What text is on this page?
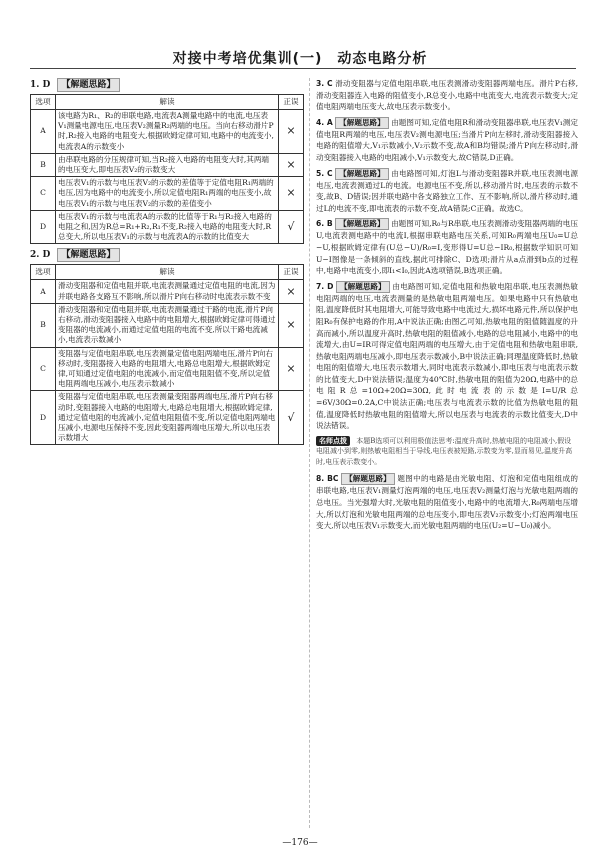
对接中考培优集训(一)　动态电路分析
1. D 【解题思路】
选项	解读	正误
A	该电路为R₁、R₂的串联电路,电流表A测量电路中的电流,电压表V₁测量电源电压,电压表V₂测量R₂两端的电压。当向右移动滑片P时,R₂接入电路的电阻变大,根据欧姆定律可知,电路中的电流变小,电流表A的示数变小	×
B	由串联电路的分压规律可知,当R₂接入电路的电阻变大时,其两端的电压变大,即电压表V₂的示数变大	×
C	电压表V₁的示数与电压表V₂的示数的差值等于定值电阻R₁两端的电压,因为电路中的电流变小,所以定值电阻R₁两端的电压变小,故电压表V₁的示数与电压表V₂的示数的差值变小	×
D	电压表V₁的示数与电流表A的示数的比值等于R₁与R₂接入电路的电阻之和,因为R总=R₁+R₂,R₁不变,R₂接入电路的电阻变大时,R总变大,所以电压表V₁的示数与电流表A的示数的比值变大	√
2. D 【解题思路】
选项	解读	正误
A	滑动变阻器和定值电阻并联,电流表测量通过定值电阻的电流,因为并联电路各支路互不影响,所以滑片P向右移动时电流表示数不变	×
B	滑动变阻器和定值电阻并联,电流表测量通过干路的电流,滑片P向右移动,滑动变阻器接入电路中的电阻增大,根据欧姆定律可得通过变阻器的电流减小,而通过定值电阻的电流不变,所以干路电流减小,电流表示数减小	×
C	变阻器与定值电阻串联,电压表测量定值电阻两端电压,滑片P向右移动时,变阻器接入电路的电阻增大,电路总电阻增大,根据欧姆定律,可知通过定值电阻的电流减小,而定值电阻阻值不变,所以定值电阻两端电压减小,电压表示数减小	×
D	变阻器与定值电阻串联,电压表测量变阻器两端电压,滑片P向右移动时,变阻器接入电路的电阻增大,电路总电阻增大,根据欧姆定律,通过定值电阻的电流减小,定值电阻阻值不变,所以定值电阻两端电压减小,电源电压保持不变,因此变阻器两端电压增大,所以电压表示数增大	√

3. C 滑动变阻器与定值电阻串联,电压表测滑动变阻器两端电压。滑片P右移,滑动变阻器连入电路的阻值变小,R总变小,电路中电流变大,电流表示数变大;定值电阻两端电压变大,故电压表示数变小。

4. A 【解题思路】 由题图可知,定值电阻R和滑动变阻器串联,电压表V₁测定值电阻R两端的电压,电压表V₂测电源电压;当滑片P向左移时,滑动变阻器接入电路的阻值增大,V₁示数减小,V₂示数不变,故A和B均错误;滑片P向左移动时,滑动变阻器接入电路的电阻减小,V₁示数变大,故C错误,D正确。

5. C 【解题思路】 由电路图可知,灯泡L与滑动变阻器R并联,电压表测电源电压,电流表测通过L的电流。电源电压不变,所以,移动滑片时,电压表的示数不变,故B、D错误;因并联电路中各支路独立工作、互不影响,所以,滑片移动时,通过L的电流不变,即电流表的示数不变,故A错误;C正确。故选C。

6. B 【解题思路】 由题图可知,R₀与R串联,电压表测滑动变阻器两端的电压U,电流表测电路中的电流I,根据串联电路电压关系,可知R₀两端电压U₀=U总−U,根据欧姆定律有(U总−U)/R₀=I,变形得U=U总−IR₀,根据数学知识可知U−I图像是一条倾斜的直线,据此可排除C、D选项;滑片从a点滑到b点的过程中,电路中电流变小,即I₁<I₀,因此A选项错误,B选项正确。

7. D 【解题思路】 由电路图可知,定值电阻和热敏电阻串联,电压表测热敏电阻两端的电压,电流表测量的是热敏电阻两端电压。如果电路中只有热敏电阻,温度降低时其电阻增大,可能导致电路中电流过大,损坏电路元件,所以保护电阻R₀有保护电路的作用,A中说法正确;由图乙可知,热敏电阻的阻值随温度的升高而减小,所以温度升高时,热敏电阻的阻值减小,电路的总电阻减小,电路中的电流增大,由U=IR可得定值电阻两端的电压增大,由于定值电阻和热敏电阻串联,热敏电阻两端电压减小,即电压表示数减小,B中说法正确;同理温度降低时,热敏电阻的阻值增大,电压表示数增大,同时电流表示数减小,即电压表与电流表示数的比值变大,D中说法错误;温度为40℃时,热敏电阻的阻值为20Ω,电路中的总电阻R总=10Ω+20Ω=30Ω,此时电流表的示数是I=U/R总=6V/30Ω=0.2A,C中说法正确;电压表与电流表示数的比值为热敏电阻的阻值,温度降低时热敏电阻的阻值增大,所以电压表与电流表的示数比值变大,D中说法错误。

名师点拨 本题B选项可以利用极值法思考:温度升高时,热敏电阻的电阻减小,假设电阻减小到零,则热敏电阻相当于导线,电压表被短路,示数变为零,显而易见,温度升高时,电压表示数变小。

8. BC 【解题思路】 题图中的电路是由光敏电阻、灯泡和定值电阻组成的串联电路,电压表V₁测量灯泡两端的电压,电压表V₂测量灯泡与光敏电阻两端的总电压。当光强增大时,光敏电阻的阻值变小,电路中的电流增大,R₀两端电压增大,所以灯泡和光敏电阻两端的总电压变小,即电压表V₂示数变小;灯泡两端电压变大,所以电压表V₁示数变大,而光敏电阻两端的电压(U₂=U−U₀)减小。

—176—
